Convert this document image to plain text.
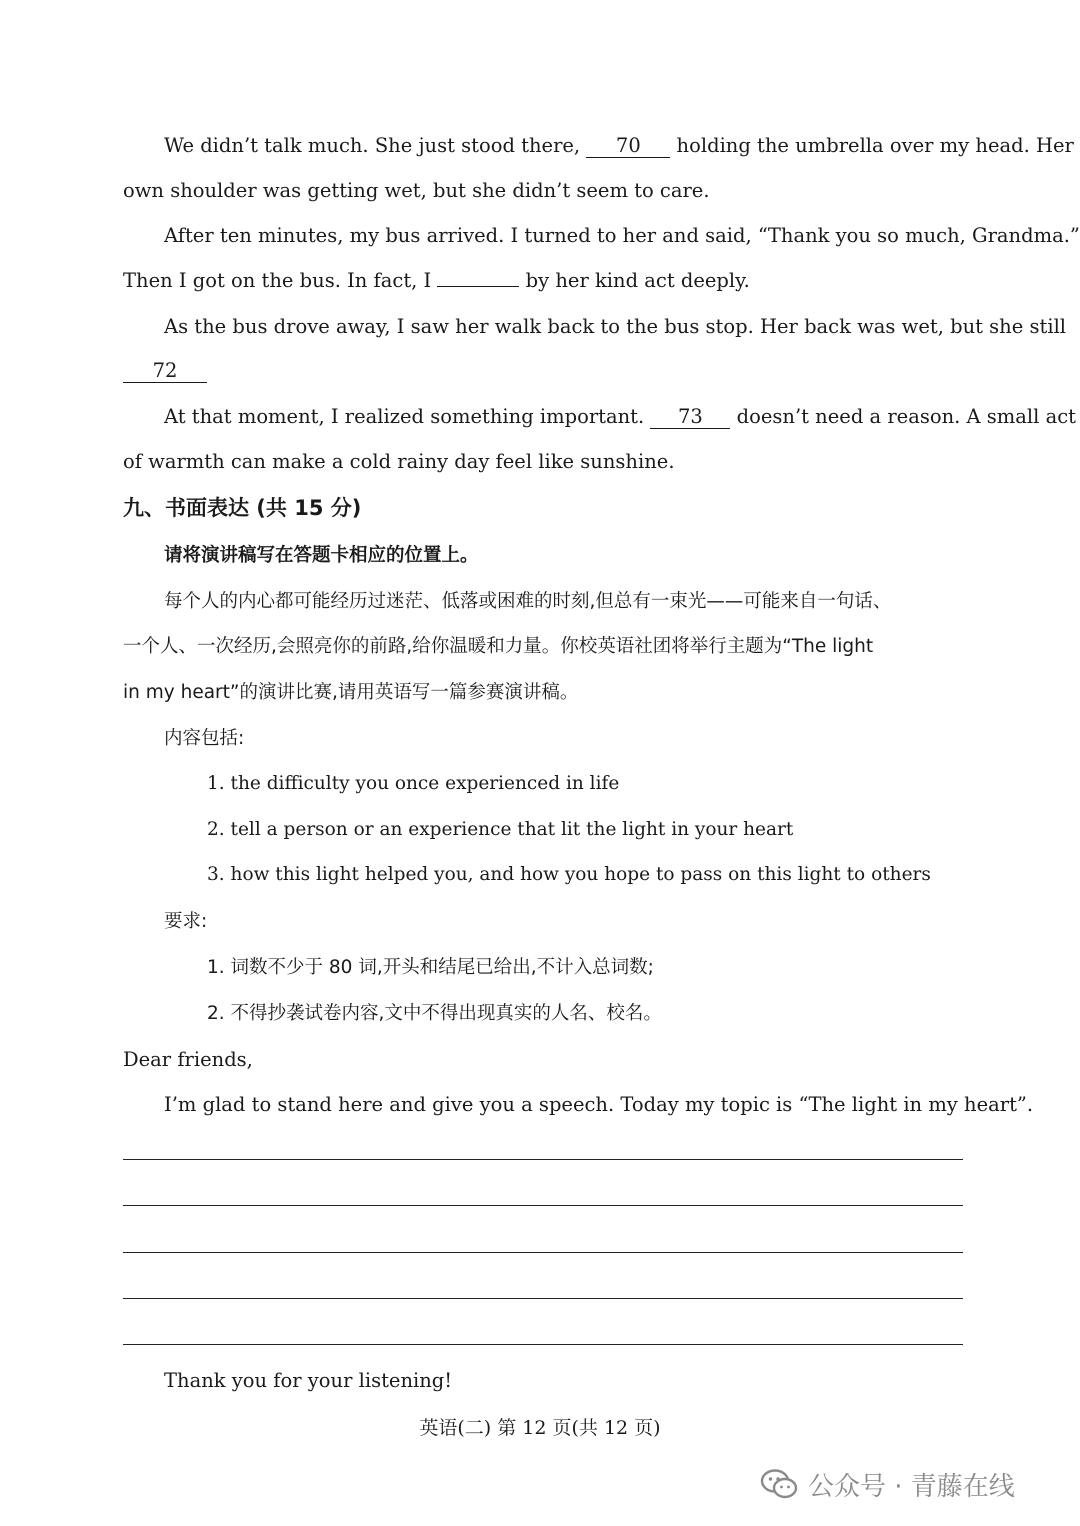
We didn’t talk much. She just stood there, 70 holding the umbrella over my head. Her
own shoulder was getting wet, but she didn’t seem to care.
After ten minutes, my bus arrived. I turned to her and said, “Thank you so much, Grandma.”
Then I got on the bus. In fact, I	by her kind act deeply.
As the bus drove away, I saw her walk back to the bus stop. Her back was wet, but she still
72
At that moment, I realized something important. 73 doesn’t need a reason. A small act
of warmth can make a cold rainy day feel like sunshine.
九、书面表达 (共 15 分)
请将演讲稿写在答题卡相应的位置上。
每个人的内心都可能经历过迷茫、低落或困难的时刻,但总有一束光——可能来自一句话、
一个人、一次经历,会照亮你的前路,给你温暖和力量。你校英语社团将举行主题为“The light
in my heart”的演讲比赛,请用英语写一篇参赛演讲稿。
内容包括:
1. the difficulty you once experienced in life
2. tell a person or an experience that lit the light in your heart
3. how this light helped you, and how you hope to pass on this light to others
要求:
1. 词数不少于 80 词,开头和结尾已给出,不计入总词数;
2. 不得抄袭试卷内容,文中不得出现真实的人名、校名。
Dear friends,
I’m glad to stand here and give you a speech. Today my topic is “The light in my heart”.
Thank you for your listening!
英语(二) 第 12 页(共 12 页)
公众号 · 青藤在线
